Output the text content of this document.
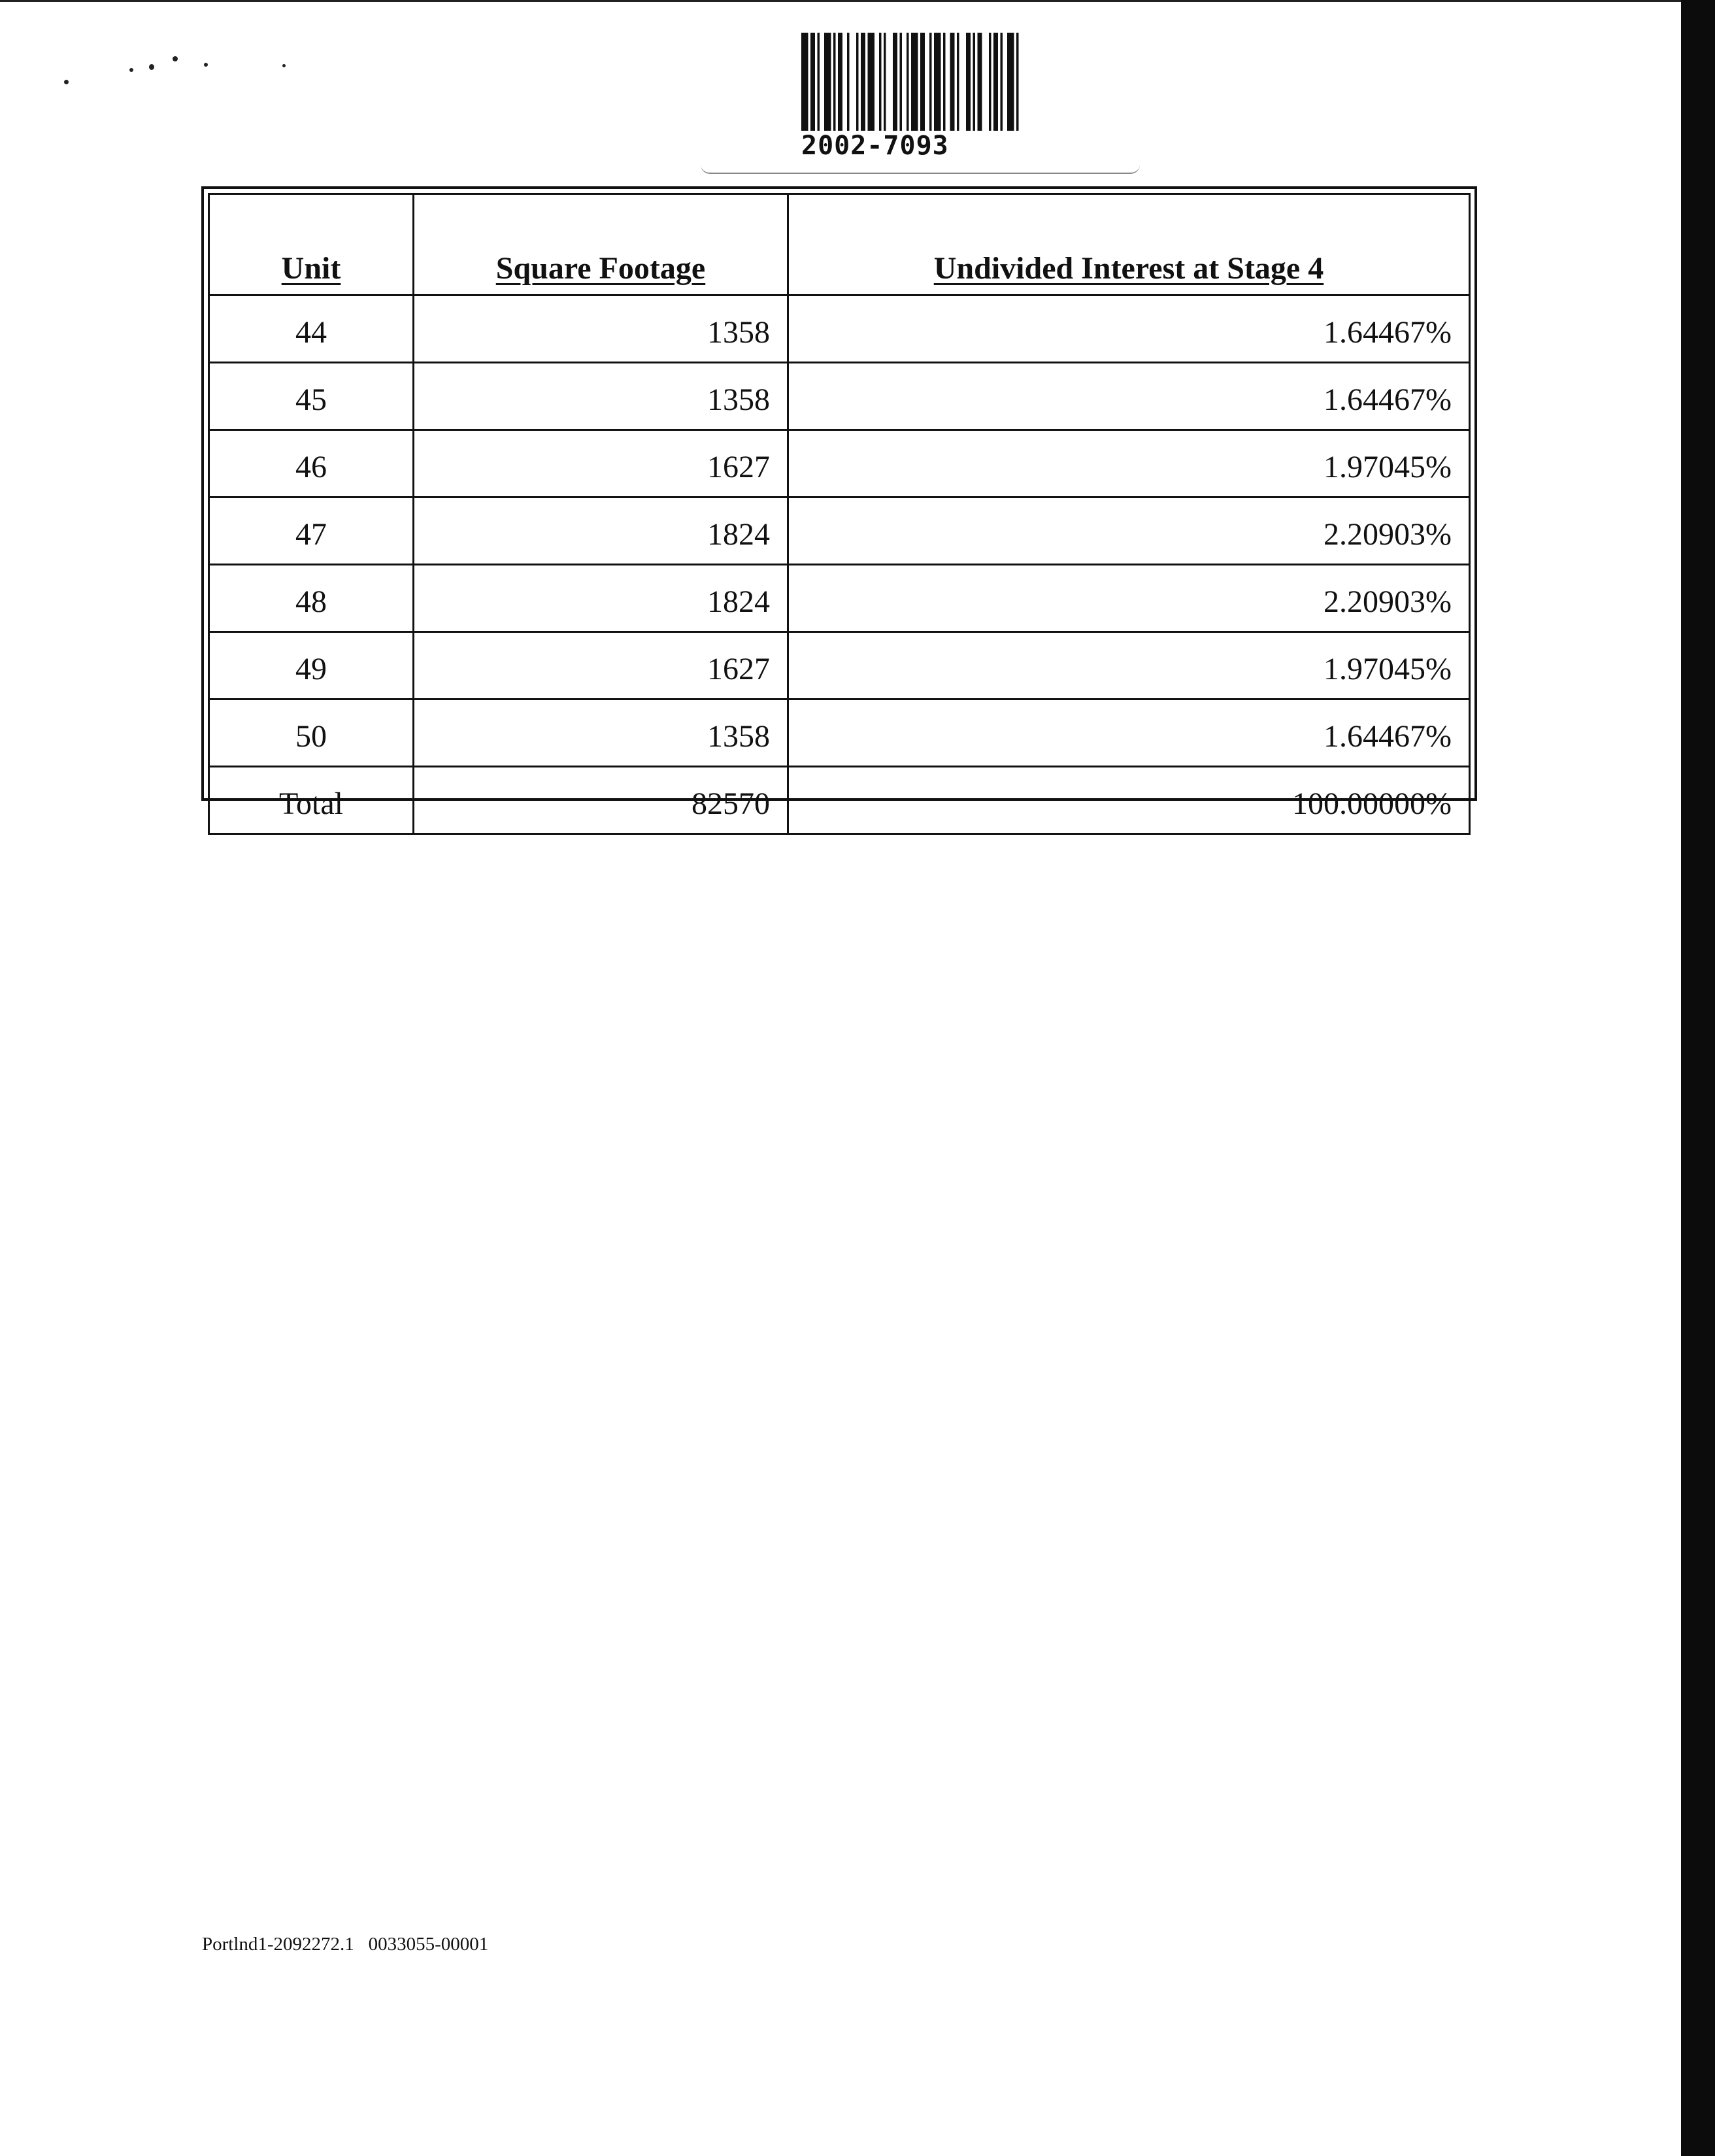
2002-7093
Unit	Square Footage	Undivided Interest at Stage 4
44	1358	1.64467%
45	1358	1.64467%
46	1627	1.97045%
47	1824	2.20903%
48	1824	2.20903%
49	1627	1.97045%
50	1358	1.64467%
Total	82570	100.00000%
Portlnd1-2092272.1 0033055-00001
